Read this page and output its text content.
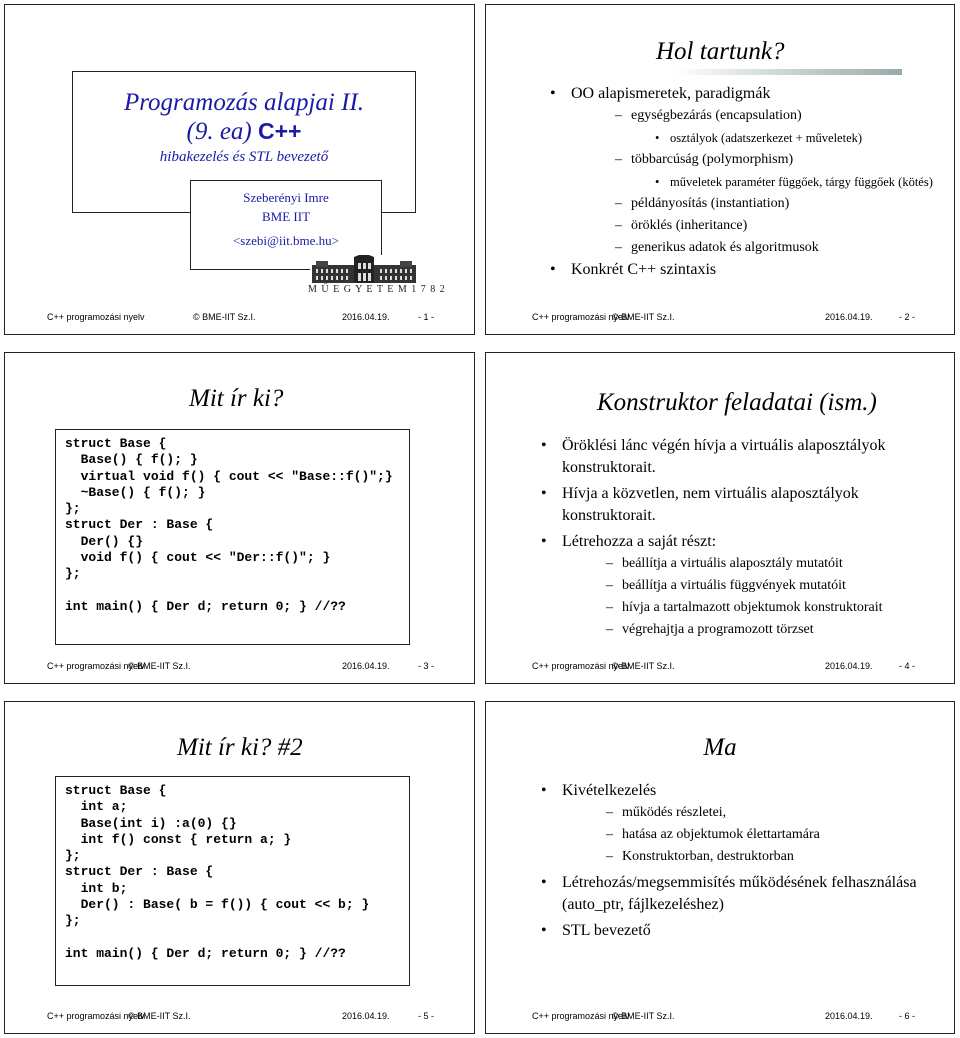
Programozás alapjai II.
(9. ea) C++
hibakezelés és STL bevezető
Szeberényi Imre
BME IIT
<szebi@iit.bme.hu>
M Ű E G Y E T E M 1 7 8 2
C++ programozási nyelv	© BME-IIT Sz.I.	2016.04.19.	- 1 -
Hol tartunk?
• OO alapismeretek, paradigmák
– egységbezárás (encapsulation)
• osztályok (adatszerkezet + műveletek)
– többarcúság (polymorphism)
• műveletek paraméter függőek, tárgy függőek (kötés)
– példányosítás (instantiation)
– öröklés (inheritance)
– generikus adatok és algoritmusok
• Konkrét C++ szintaxis
C++ programozási nyelv
© BME-IIT Sz.I.	2016.04.19.	- 2 -
Mit ír ki?
struct Base {
Base() { f(); }
virtual void f() { cout << "Base::f()";}
~Base() { f(); }
};
struct Der : Base {
Der() {}
void f() { cout << "Der::f()"; }
};

int main() { Der d; return 0; } //??
C++ programozási nyelv
© BME-IIT Sz.I.	2016.04.19.	- 3 -
Konstruktor feladatai (ism.)
• Öröklési lánc végén hívja a virtuális alaposztályok konstruktorait.
• Hívja a közvetlen, nem virtuális alaposztályok konstruktorait.
• Létrehozza a saját részt:
– beállítja a virtuális alaposztály mutatóit
– beállítja a virtuális függvények mutatóit
– hívja a tartalmazott objektumok konstruktorait
– végrehajtja a programozott törzset
C++ programozási nyelv
© BME-IIT Sz.I.	2016.04.19.	- 4 -
Mit ír ki? #2
struct Base {
int a;
Base(int i) :a(0) {}
int f() const { return a; }
};
struct Der : Base {
int b;
Der() : Base( b = f()) { cout << b; }
};

int main() { Der d; return 0; } //??
C++ programozási nyelv
© BME-IIT Sz.I.	2016.04.19.	- 5 -
Ma
• Kivételkezelés
– működés részletei,
– hatása az objektumok élettartamára
– Konstruktorban, destruktorban
• Létrehozás/megsemmisítés működésének felhasználása (auto_ptr, fájlkezeléshez)
• STL bevezető
C++ programozási nyelv
© BME-IIT Sz.I.	2016.04.19.	- 6 -
